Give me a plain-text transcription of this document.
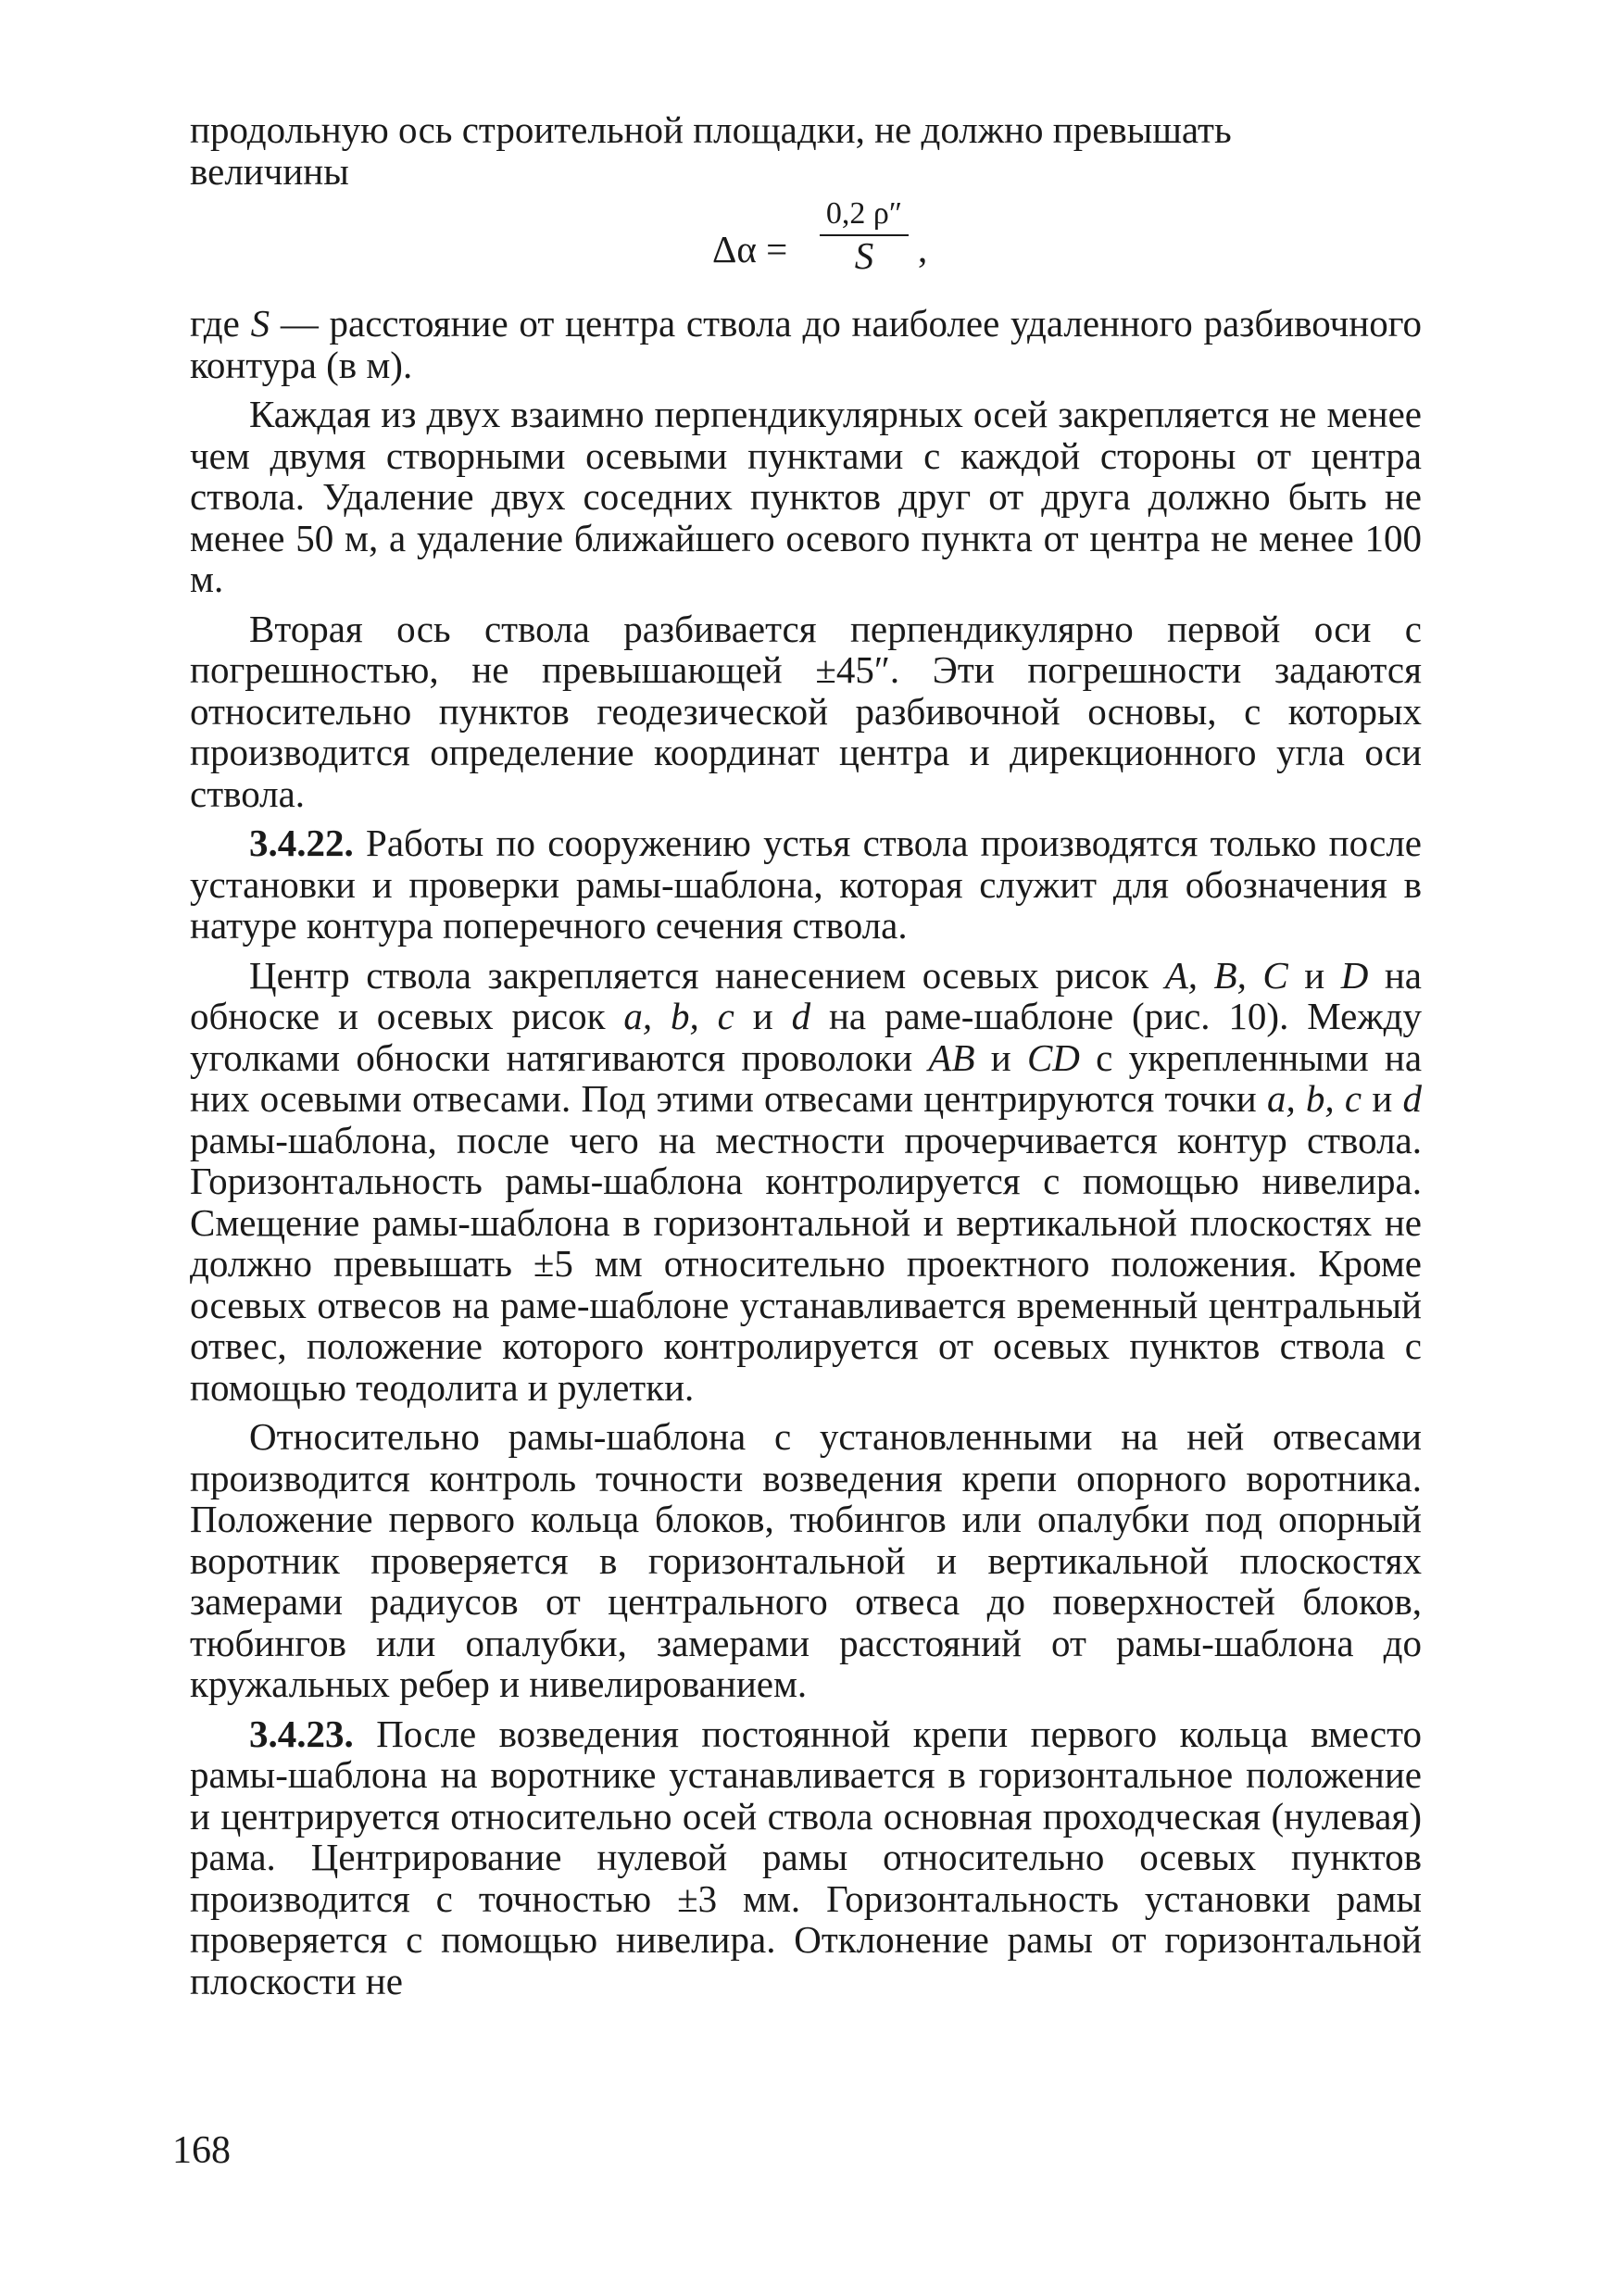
продольную ось строительной площадки, не должно превышать
величины

Δα =
0,2 ρ″
S	,

где S — расстояние от центра ствола до наиболее удаленного разбивочного контура (в м).

Каждая из двух взаимно перпендикулярных осей закрепляется не менее чем двумя створными осевыми пунктами с каждой стороны от центра ствола. Удаление двух соседних пунктов друг от друга должно быть не менее 50 м, а удаление ближайшего осевого пункта от центра не менее 100 м.

Вторая ось ствола разбивается перпендикулярно первой оси с погрешностью, не превышающей ±45″. Эти погрешности задаются относительно пунктов геодезической разбивочной основы, с которых производится определение координат центра и дирекционного угла оси ствола.

3.4.22. Работы по сооружению устья ствола производятся только после установки и проверки рамы-шаблона, которая служит для обозначения в натуре контура поперечного сечения ствола.

Центр ствола закрепляется нанесением осевых рисок A, B, C и D на обноске и осевых рисок a, b, c и d на раме-шаблоне (рис. 10). Между уголками обноски натягиваются проволоки AB и CD с укрепленными на них осевыми отвесами. Под этими отвесами центрируются точки a, b, c и d рамы-шаблона, после чего на местности прочерчивается контур ствола. Горизонтальность рамы-шаблона контролируется с помощью нивелира. Смещение рамы-шаблона в горизонтальной и вертикальной плоскостях не должно превышать ±5 мм относительно проектного положения. Кроме осевых отвесов на раме-шаблоне устанавливается временный центральный отвес, положение которого контролируется от осевых пунктов ствола с помощью теодолита и рулетки.

Относительно рамы-шаблона с установленными на ней отвесами производится контроль точности возведения крепи опорного воротника. Положение первого кольца блоков, тюбингов или опалубки под опорный воротник проверяется в горизонтальной и вертикальной плоскостях замерами радиусов от центрального отвеса до поверхностей блоков, тюбингов или опалубки, замерами расстояний от рамы-шаблона до кружальных ребер и нивелированием.

3.4.23. После возведения постоянной крепи первого кольца вместо рамы-шаблона на воротнике устанавливается в горизонтальное положение и центрируется относительно осей ствола основная проходческая (нулевая) рама. Центрирование нулевой рамы относительно осевых пунктов производится с точностью ±3 мм. Горизонтальность установки рамы проверяется с помощью нивелира. Отклонение рамы от горизонтальной плоскости не

168
